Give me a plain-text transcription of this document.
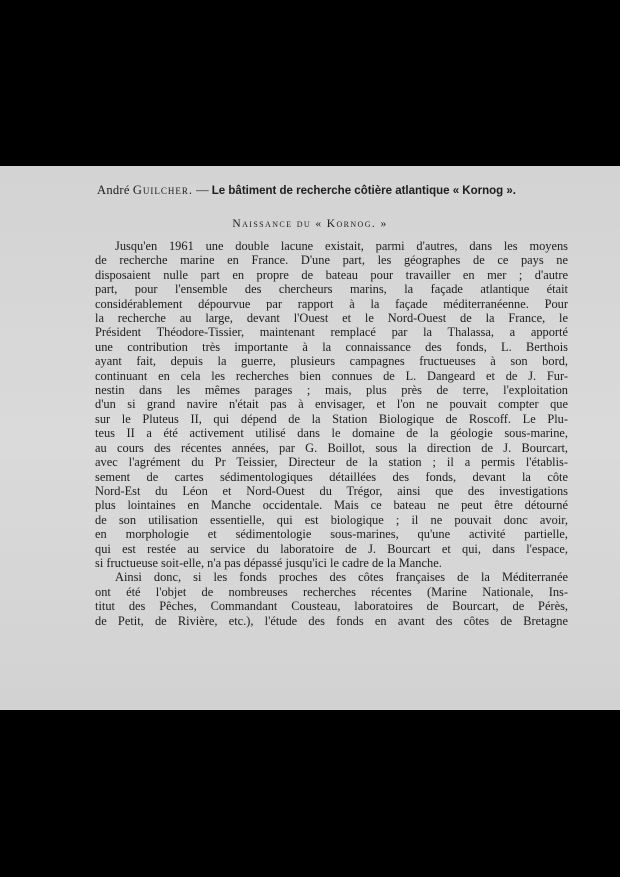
André Guilcher. — Le bâtiment de recherche côtière atlantique « Kornog ».
Naissance du « Kornog. »
Jusqu'en 1961 une double lacune existait, parmi d'autres, dans les moyens
de recherche marine en France. D'une part, les géographes de ce pays ne
disposaient nulle part en propre de bateau pour travailler en mer ; d'autre
part, pour l'ensemble des chercheurs marins, la façade atlantique était
considérablement dépourvue par rapport à la façade méditerranéenne. Pour
la recherche au large, devant l'Ouest et le Nord-Ouest de la France, le
Président Théodore-Tissier, maintenant remplacé par la Thalassa, a apporté
une contribution très importante à la connaissance des fonds, L. Berthois
ayant fait, depuis la guerre, plusieurs campagnes fructueuses à son bord,
continuant en cela les recherches bien connues de L. Dangeard et de J. Fur-
nestin dans les mêmes parages ; mais, plus près de terre, l'exploitation
d'un si grand navire n'était pas à envisager, et l'on ne pouvait compter que
sur le Pluteus II, qui dépend de la Station Biologique de Roscoff. Le Plu-
teus II a été activement utilisé dans le domaine de la géologie sous-marine,
au cours des récentes années, par G. Boillot, sous la direction de J. Bourcart,
avec l'agrément du Pr Teissier, Directeur de la station ; il a permis l'établis-
sement de cartes sédimentologiques détaillées des fonds, devant la côte
Nord-Est du Léon et Nord-Ouest du Trégor, ainsi que des investigations
plus lointaines en Manche occidentale. Mais ce bateau ne peut être détourné
de son utilisation essentielle, qui est biologique ; il ne pouvait donc avoir,
en morphologie et sédimentologie sous-marines, qu'une activité partielle,
qui est restée au service du laboratoire de J. Bourcart et qui, dans l'espace,
si fructueuse soit-elle, n'a pas dépassé jusqu'ici le cadre de la Manche.
Ainsi donc, si les fonds proches des côtes françaises de la Méditerranée
ont été l'objet de nombreuses recherches récentes (Marine Nationale, Ins-
titut des Pêches, Commandant Cousteau, laboratoires de Bourcart, de Pérès,
de Petit, de Rivière, etc.), l'étude des fonds en avant des côtes de Bretagne
